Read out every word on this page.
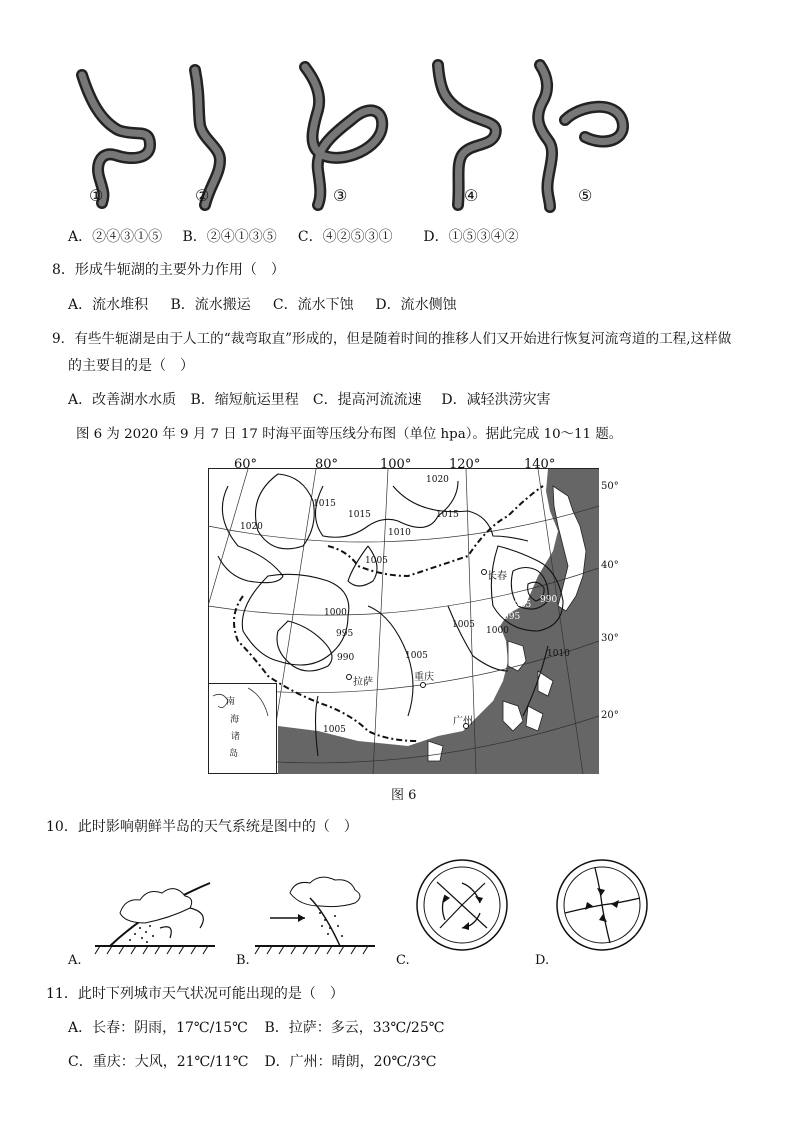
①	②	③	④	⑤
A．②④③①⑤ B．②④①③⑤ C．④②⑤③① D．①⑤③④②
8．形成牛轭湖的主要外力作用（　）
A．流水堆积 B．流水搬运 C．流水下蚀 D．流水侧蚀
9．有些牛轭湖是由于人工的“裁弯取直”形成的，但是随着时间的推移人们又开始进行恢复河流弯道的工程,这样做
的主要目的是（　）
A．改善湖水水质 B．缩短航运里程 C．提高河流流速 D．减轻洪涝灾害
图 6 为 2020 年 9 月 7 日 17 时海平面等压线分布图（单位 hpa）。据此完成 10～11 题。
60°	80°	100°	120°	140°
50°
40°
30°
20°
1020
1015
1015	1015
1020
1010
1005
1000
995
990	1005
1005
985 990
995
1000
1005
1010
长春
拉萨	重庆
广州
南
海
诸
岛
图 6
10．此时影响朝鲜半岛的天气系统是图中的（　）
A.	B.	C.	D.
11．此时下列城市天气状况可能出现的是（　）
A．长春：阴雨，17℃/15℃ B．拉萨：多云，33℃/25℃
C．重庆：大风，21℃/11℃ D．广州：晴朗，20℃/3℃
